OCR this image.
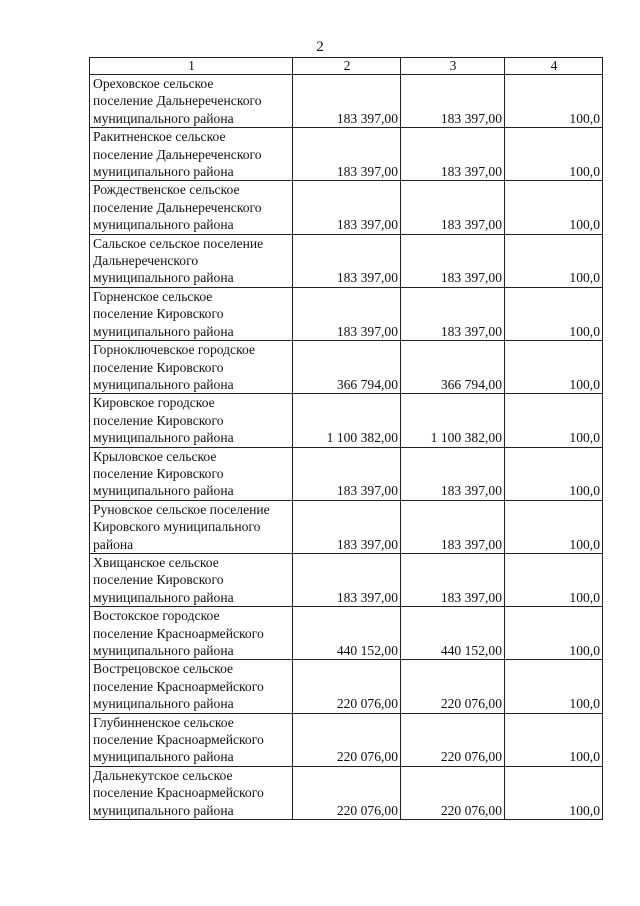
2
1	2	3	4

Ореховское сельское
поселение Дальнереченского
муниципального района	183 397,00	183 397,00	100,0

Ракитненское сельское
поселение Дальнереченского
муниципального района	183 397,00	183 397,00	100,0

Рождественское сельское
поселение Дальнереченского
муниципального района	183 397,00	183 397,00	100,0

Сальское сельское поселение
Дальнереченского
муниципального района	183 397,00	183 397,00	100,0

Горненское сельское
поселение Кировского
муниципального района	183 397,00	183 397,00	100,0

Горноключевское городское
поселение Кировского
муниципального района	366 794,00	366 794,00	100,0

Кировское городское
поселение Кировского
муниципального района	1 100 382,00	1 100 382,00	100,0

Крыловское сельское
поселение Кировского
муниципального района	183 397,00	183 397,00	100,0

Руновское сельское поселение
Кировского муниципального
района	183 397,00	183 397,00	100,0

Хвищанское сельское
поселение Кировского
муниципального района	183 397,00	183 397,00	100,0

Востокское городское
поселение Красноармейского
муниципального района	440 152,00	440 152,00	100,0

Вострецовское сельское
поселение Красноармейского
муниципального района	220 076,00	220 076,00	100,0

Глубинненское сельское
поселение Красноармейского
муниципального района	220 076,00	220 076,00	100,0

Дальнекутское сельское
поселение Красноармейского
муниципального района	220 076,00	220 076,00	100,0
